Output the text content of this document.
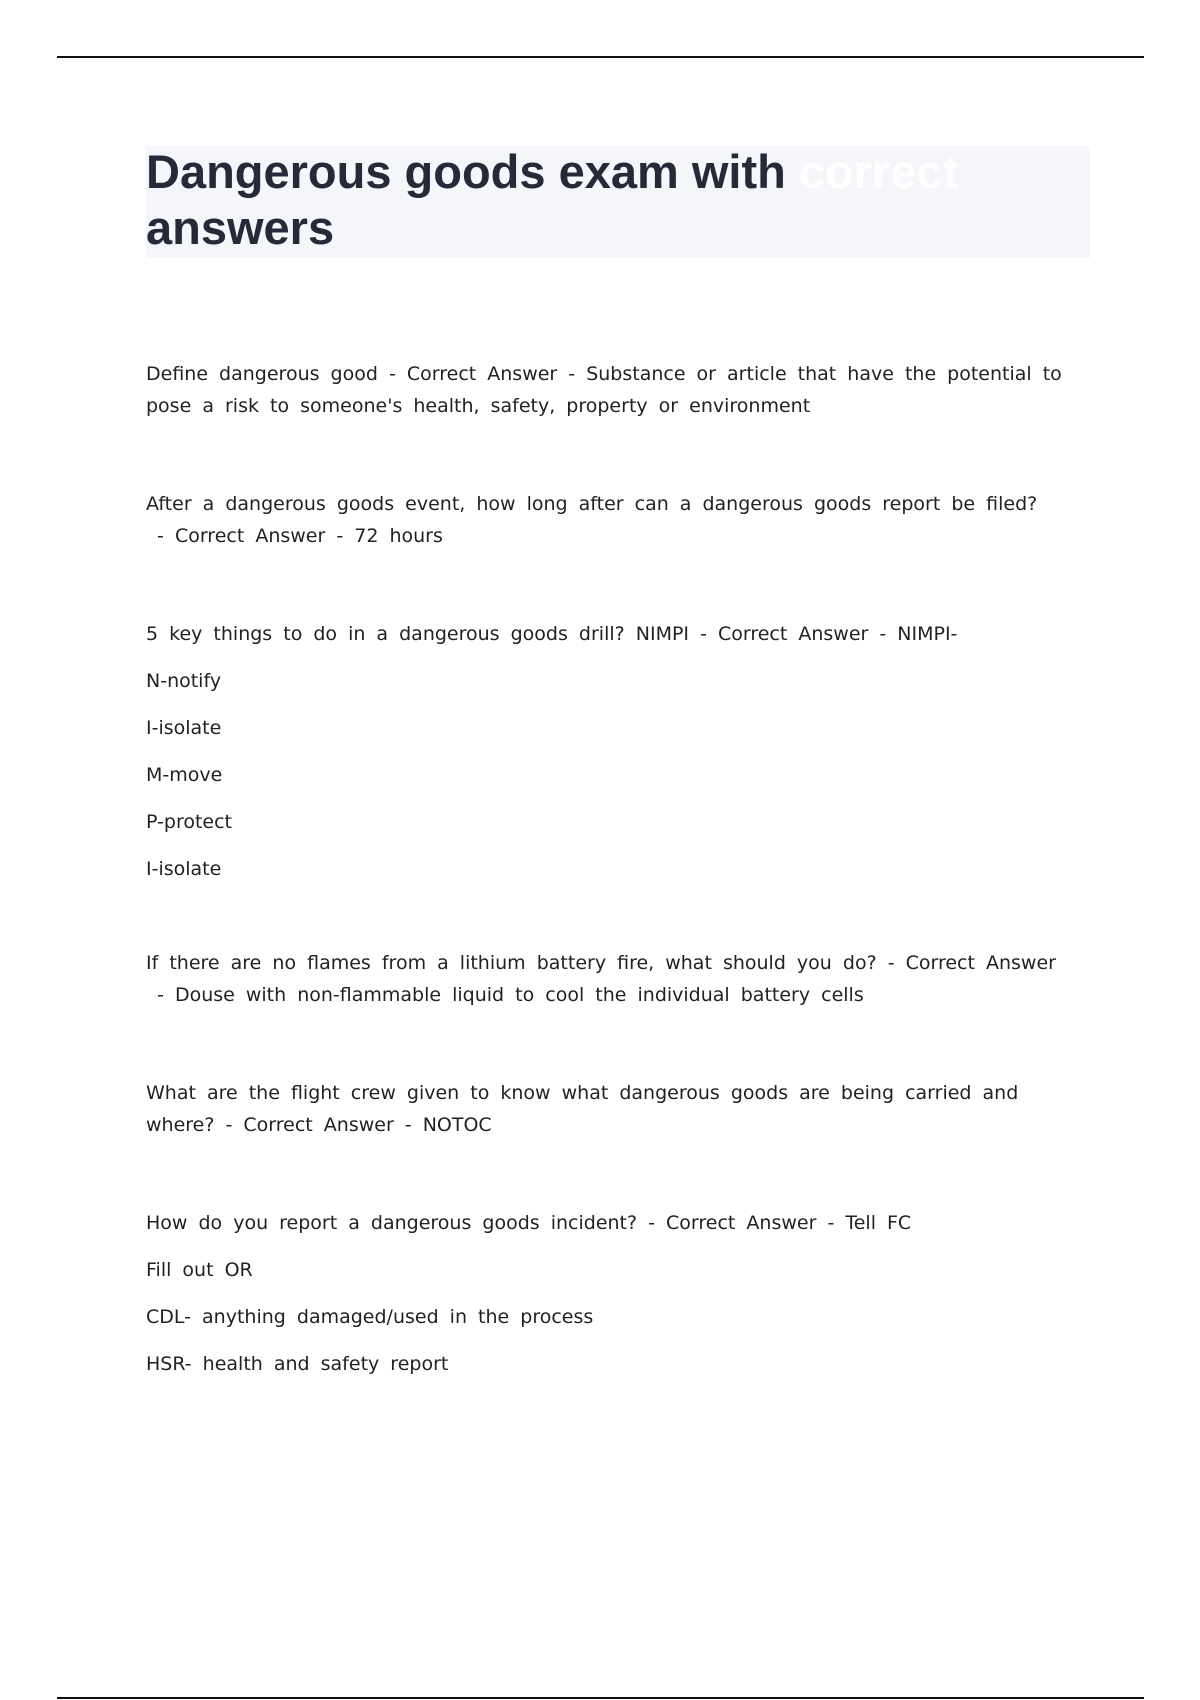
Dangerous goods exam with correct
answers

Define dangerous good - Correct Answer - Substance or article that have the potential to pose a risk to someone's health, safety, property or environment

After a dangerous goods event, how long after can a dangerous goods report be filed? - Correct Answer - 72 hours

5 key things to do in a dangerous goods drill? NIMPI - Correct Answer - NIMPI-

N-notify

I-isolate

M-move

P-protect

I-isolate

If there are no flames from a lithium battery fire, what should you do? - Correct Answer - Douse with non-flammable liquid to cool the individual battery cells

What are the flight crew given to know what dangerous goods are being carried and where? - Correct Answer - NOTOC

How do you report a dangerous goods incident? - Correct Answer - Tell FC

Fill out OR

CDL- anything damaged/used in the process

HSR- health and safety report
